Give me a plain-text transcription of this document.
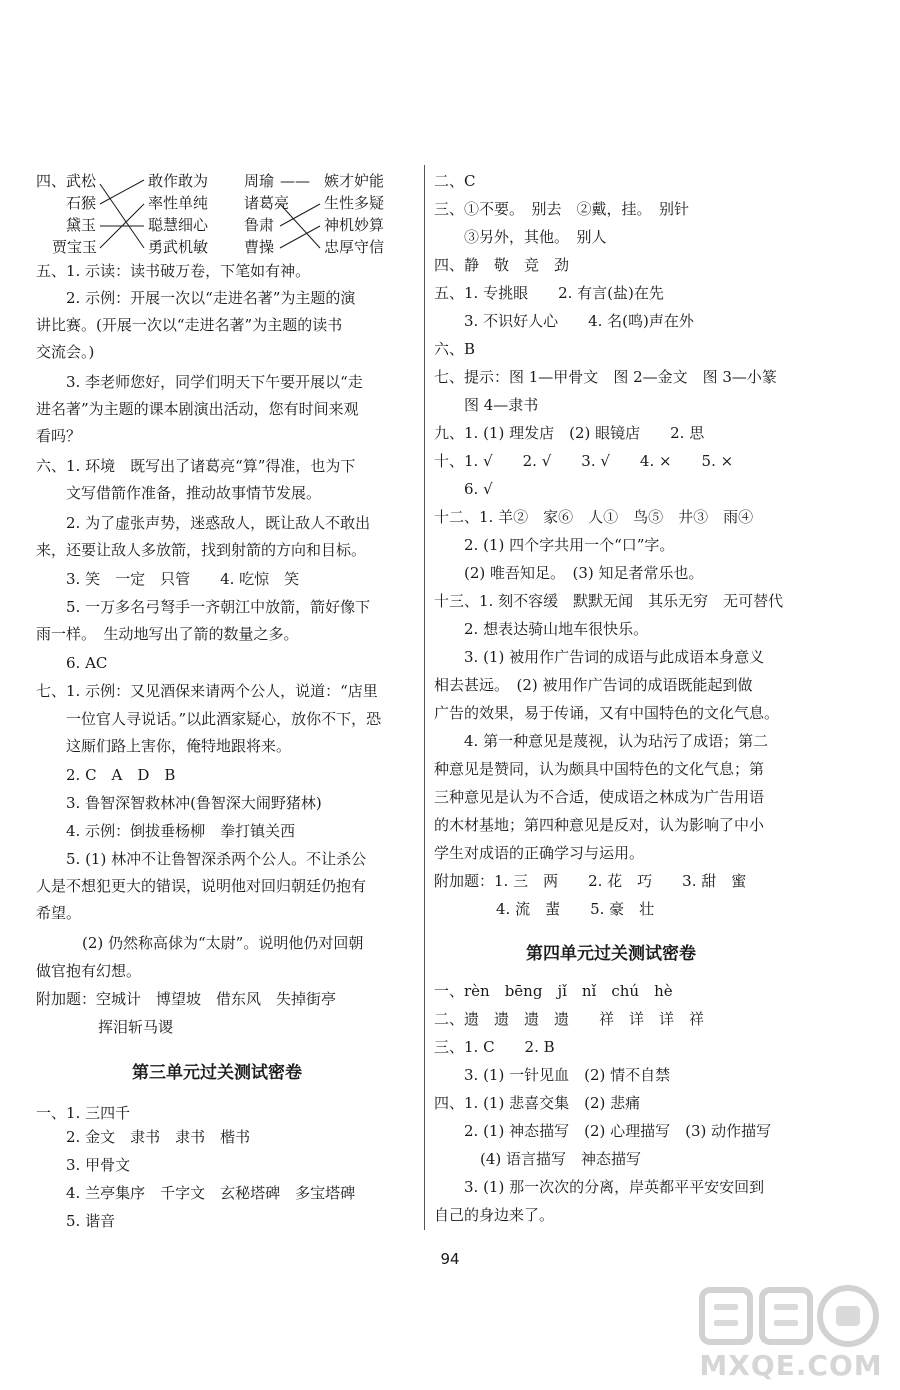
四、 武松
石猴
黛玉
贾宝玉
敢作敢为
率性单纯
聪慧细心
勇武机敏
周瑜
诸葛亮
鲁肃
曹操
—— 嫉才妒能
生性多疑
神机妙算
忠厚守信
五、1. 示读：读书破万卷，下笔如有神。
2. 示例：开展一次以“走进名著”为主题的演
讲比赛。(开展一次以“走进名著”为主题的读书
交流会。)
3. 李老师您好，同学们明天下午要开展以“走
进名著”为主题的课本剧演出活动，您有时间来观
看吗？
六、1. 环境　既写出了诸葛亮“算”得准，也为下
文写借箭作准备，推动故事情节发展。
2. 为了虚张声势，迷惑敌人，既让敌人不敢出
来，还要让敌人多放箭，找到射箭的方向和目标。
3. 笑　一定　只管　　4. 吃惊　笑
5. 一万多名弓弩手一齐朝江中放箭，箭好像下
雨一样。　生动地写出了箭的数量之多。
6. AC
七、1. 示例：又见酒保来请两个公人，说道：“店里
一位官人寻说话。”以此酒家疑心，放你不下，恐
这厮们路上害你，俺特地跟将来。
2. C　A　D　B
3. 鲁智深智救林冲(鲁智深大闹野猪林)
4. 示例：倒拔垂杨柳　拳打镇关西
5. (1) 林冲不让鲁智深杀两个公人。不让杀公
人是不想犯更大的错误，说明他对回归朝廷仍抱有
希望。
(2) 仍然称高俅为“太尉”。说明他仍对回朝
做官抱有幻想。
附加题：空城计　博望坡　借东风　失掉街亭
挥泪斩马谡
第三单元过关测试密卷
一、1. 三四千
2. 金文　隶书　隶书　楷书
3. 甲骨文
4. 兰亭集序　千字文　玄秘塔碑　多宝塔碑
5. 谐音
二、C
三、①不要。　别去　②戴，挂。　别针
③另外，其他。　别人
四、静　敬　竞　劲
五、1. 专挑眼　　2. 有言(盐)在先
3. 不识好人心　　4. 名(鸣)声在外
六、B
七、提示：图 1—甲骨文　图 2—金文　图 3—小篆
图 4—隶书
九、1. (1) 理发店　(2) 眼镜店　　2. 思
十、1. √　　2. √　　3. √　　4. ×　　5. ×
6. √
十二、1. 羊②　家⑥　人①　鸟⑤　井③　雨④
2. (1) 四个字共用一个“口”字。
(2) 唯吾知足。　(3) 知足者常乐也。
十三、1. 刻不容缓　默默无闻　其乐无穷　无可替代
2. 想表达骑山地车很快乐。
3. (1) 被用作广告词的成语与此成语本身意义
相去甚远。　(2) 被用作广告词的成语既能起到做
广告的效果，易于传诵，又有中国特色的文化气息。
4. 第一种意见是蔑视，认为玷污了成语；第二
种意见是赞同，认为颇具中国特色的文化气息；第
三种意见是认为不合适，使成语之林成为广告用语
的木材基地；第四种意见是反对，认为影响了中小
学生对成语的正确学习与运用。
附加题：1. 三　两　　2. 花　巧　　3. 甜　蜜
4. 流　蜚　　5. 豪　壮
第四单元过关测试密卷
一、rèn　bēng　jǐ　nǐ　chú　hè
二、遗　遗　遗　遗　　祥　详　详　祥
三、1. C　　2. B
3. (1) 一针见血　(2) 情不自禁
四、1. (1) 悲喜交集　(2) 悲痛
2. (1) 神态描写　(2) 心理描写　(3) 动作描写
(4) 语言描写　神态描写
3. (1) 那一次次的分离，岸英都平平安安回到
自己的身边来了。
94
MXQE.COM
